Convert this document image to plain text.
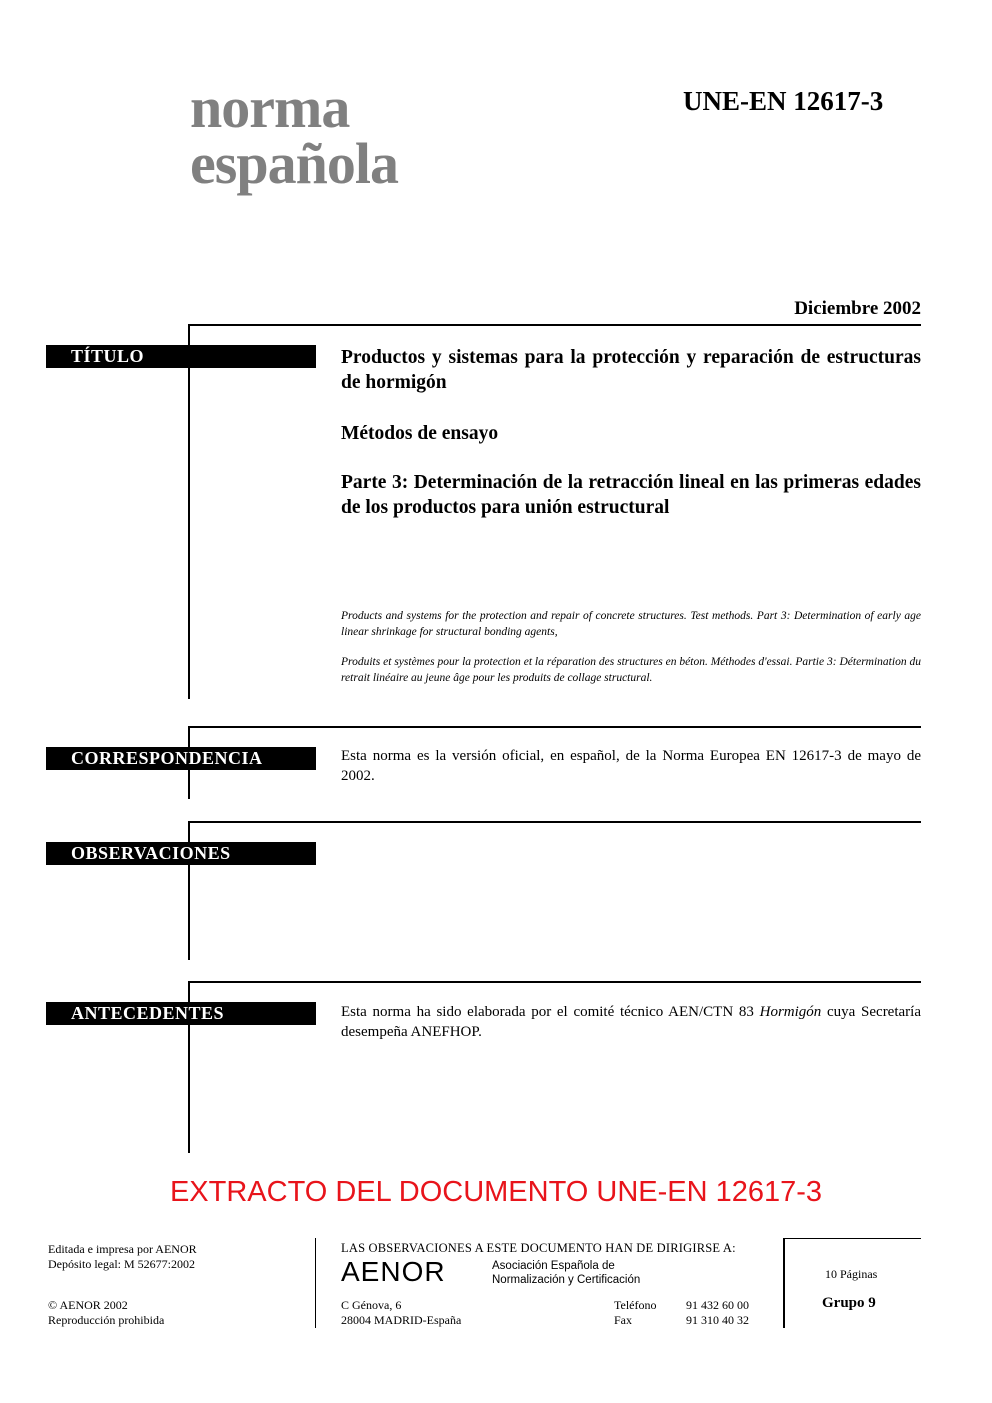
norma
española
UNE-EN 12617-3
Diciembre 2002
TÍTULO	Productos y sistemas para la protección y reparación de estructuras de hormigón
Métodos de ensayo
Parte 3: Determinación de la retracción lineal en las primeras edades de los productos para unión estructural
Products and systems for the protection and repair of concrete structures. Test methods. Part 3: Determination of early age linear shrinkage for structural bonding agents,
Produits et systèmes pour la protection et la réparation des structures en béton. Méthodes d'essai. Partie 3: Détermination du retrait linéaire au jeune âge pour les produits de collage structural.
CORRESPONDENCIA	Esta norma es la versión oficial, en español, de la Norma Europea EN 12617-3 de mayo de 2002.
OBSERVACIONES
ANTECEDENTES	Esta norma ha sido elaborada por el comité técnico AEN/CTN 83 Hormigón cuya Secretaría desempeña ANEFHOP.
EXTRACTO DEL DOCUMENTO UNE-EN 12617-3
Editada e impresa por AENOR
Depósito legal: M 52677:2002
© AENOR 2002
Reproducción prohibida
LAS OBSERVACIONES A ESTE DOCUMENTO HAN DE DIRIGIRSE A:
AENOR	Asociación Española de
Normalización y Certificación
C Génova, 6
28004 MADRID-España
Teléfono 91 432 60 00
Fax	91 310 40 32
10 Páginas
Grupo 9
